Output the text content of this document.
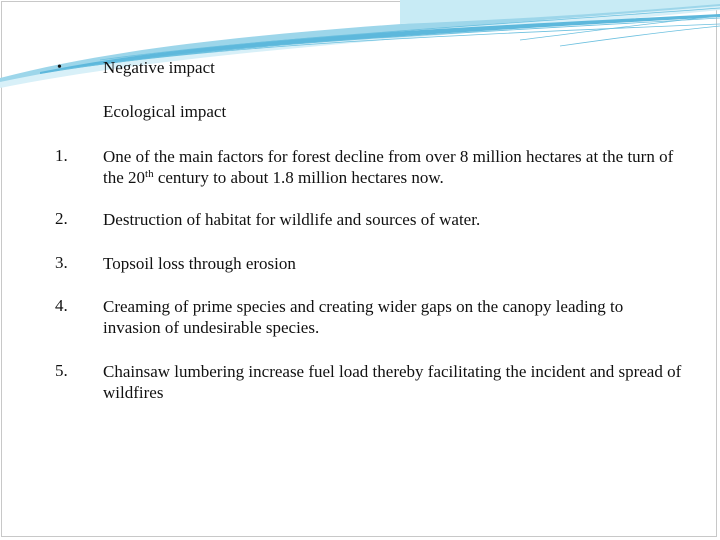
• Negative impact
Ecological impact
1. One of the main factors for forest decline from over 8 million hectares at the turn of the 20th century to about 1.8 million hectares now.
2. Destruction of habitat for wildlife and sources of water.
3. Topsoil loss through erosion
4. Creaming of prime species and creating wider gaps on the canopy leading to invasion of undesirable species.
5. Chainsaw lumbering increase fuel load thereby facilitating the incident and spread of wildfires
